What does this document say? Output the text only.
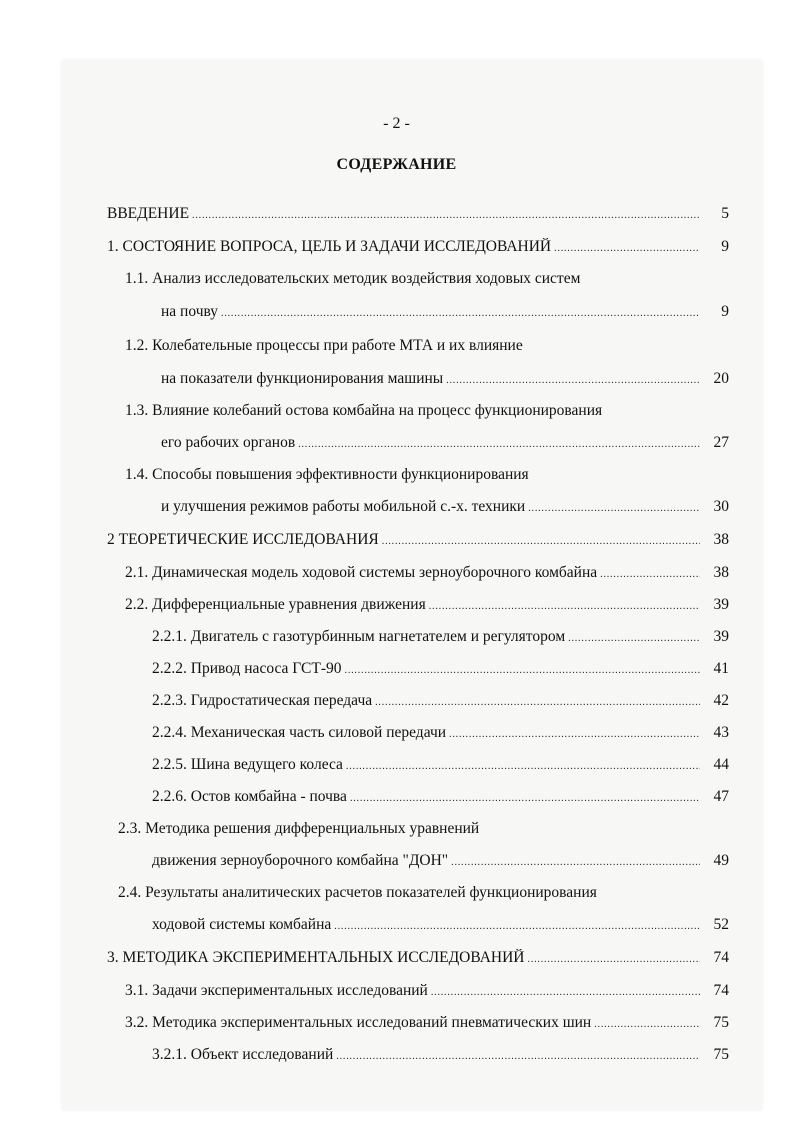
- 2 -
СОДЕРЖАНИЕ
ВВЕДЕНИЕ .....	5
1. СОСТОЯНИЕ ВОПРОСА, ЦЕЛЬ И ЗАДАЧИ ИССЛЕДОВАНИЙ .....	9
1.1. Анализ исследовательских методик воздействия ходовых систем
на почву .....	9
1.2. Колебательные процессы при работе МТА и их влияние
на показатели функционирования машины .....	20
1.3. Влияние колебаний остова комбайна на процесс функционирования
его рабочих органов .....	27
1.4. Способы повышения эффективности функционирования
и улучшения режимов работы мобильной с.-х. техники .....	30
2 ТЕОРЕТИЧЕСКИЕ ИССЛЕДОВАНИЯ .....	38
2.1. Динамическая модель ходовой системы зерноуборочного комбайна .....	38
2.2. Дифференциальные уравнения движения .....	39
2.2.1. Двигатель с газотурбинным нагнетателем и регулятором .....	39
2.2.2. Привод насоса ГСТ-90 .....	41
2.2.3. Гидростатическая передача .....	42
2.2.4. Механическая часть силовой передачи .....	43
2.2.5. Шина ведущего колеса .....	44
2.2.6. Остов комбайна - почва .....	47
2.3. Методика решения дифференциальных уравнений
движения зерноуборочного комбайна "ДОН" .....	49
2.4. Результаты аналитических расчетов показателей функционирования
ходовой системы комбайна .....	52
3. МЕТОДИКА ЭКСПЕРИМЕНТАЛЬНЫХ ИССЛЕДОВАНИЙ .....	74
3.1. Задачи экспериментальных исследований .....	74
3.2. Методика экспериментальных исследований пневматических шин .....	75
3.2.1. Объект исследований .....	75
